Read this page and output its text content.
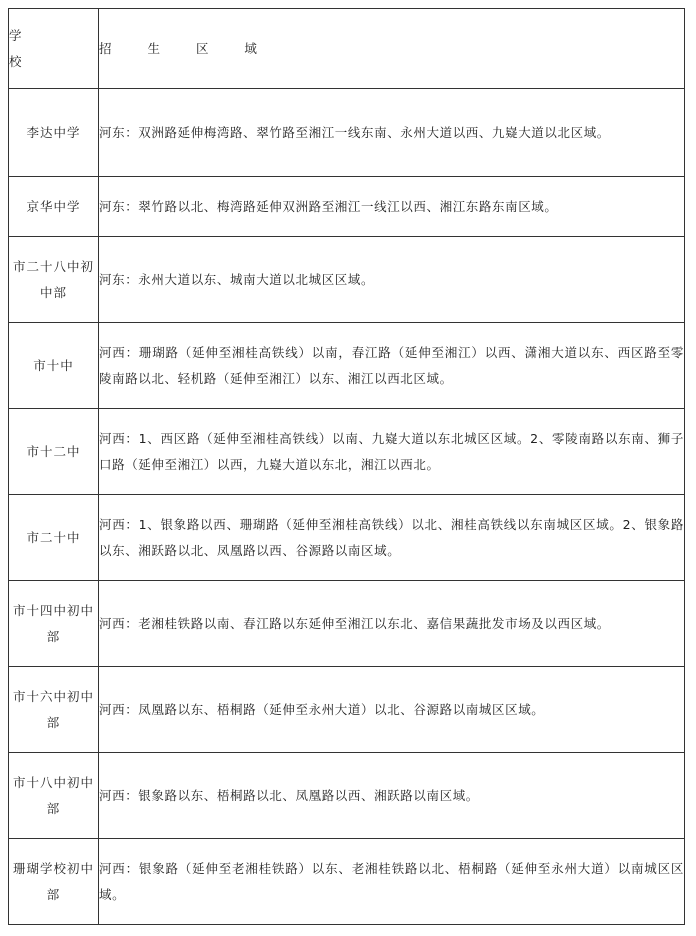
学
校	招 生 区 域
李达中学	河东：双洲路延伸梅湾路、翠竹路至湘江一线东南、永州大道以西、九嶷大道以北区域。
京华中学	河东：翠竹路以北、梅湾路延伸双洲路至湘江一线江以西、湘江东路东南区域。
市二十八中初中部	河东：永州大道以东、城南大道以北城区区域。
市十中	河西：珊瑚路（延伸至湘桂高铁线）以南，春江路（延伸至湘江）以西、潇湘大道以东、西区路至零陵南路以北、轻机路（延伸至湘江）以东、湘江以西北区域。
市十二中	河西：1、西区路（延伸至湘桂高铁线）以南、九嶷大道以东北城区区域。2、零陵南路以东南、狮子口路（延伸至湘江）以西，九嶷大道以东北，湘江以西北。
市二十中	河西：1、银象路以西、珊瑚路（延伸至湘桂高铁线）以北、湘桂高铁线以东南城区区域。2、银象路以东、湘跃路以北、凤凰路以西、谷源路以南区域。
市十四中初中部	河西：老湘桂铁路以南、春江路以东延伸至湘江以东北、嘉信果蔬批发市场及以西区域。
市十六中初中部	河西：凤凰路以东、梧桐路（延伸至永州大道）以北、谷源路以南城区区域。
市十八中初中部	河西：银象路以东、梧桐路以北、凤凰路以西、湘跃路以南区域。
珊瑚学校初中部	河西：银象路（延伸至老湘桂铁路）以东、老湘桂铁路以北、梧桐路（延伸至永州大道）以南城区区域。
